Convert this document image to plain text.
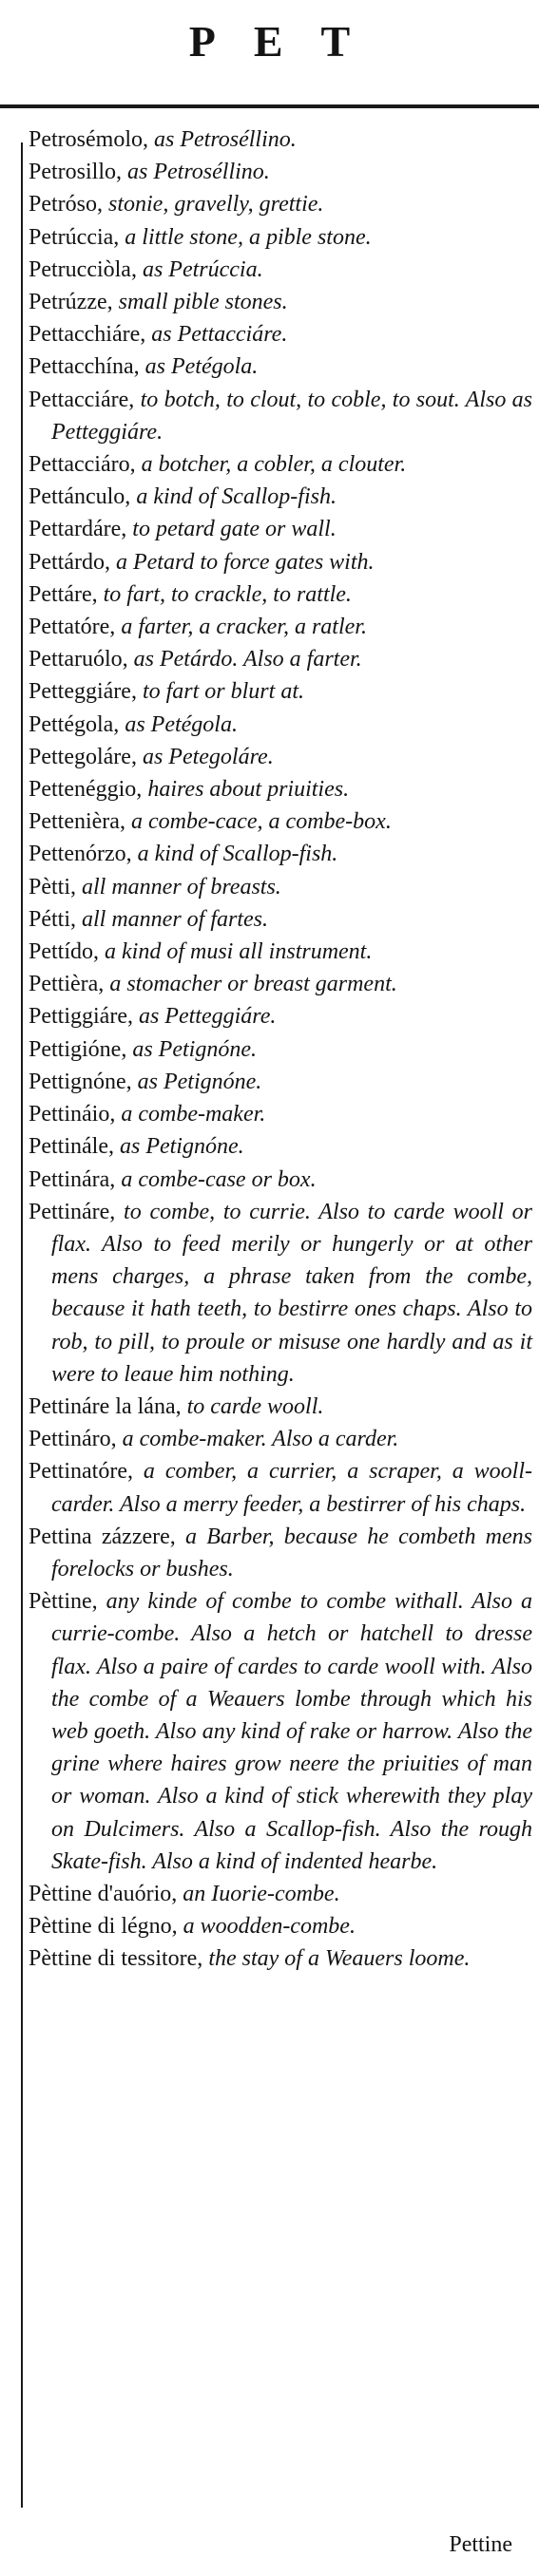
PET
Petrosémolo, as Petroséllino.
Petrosillo, as Petroséllino.
Petróso, stonie, gravelly, grettie.
Petrúccia, a little stone, a pible stone.
Petrucciòla, as Petrúccia.
Petrúzze, small pible stones.
Pettacchiáre, as Pettacciáre.
Pettacchína, as Petégola.
Pettacciáre, to botch, to clout, to coble, to sout. Also as Petteggiáre.
Pettacciáro, a botcher, a cobler, a clouter.
Pettánculo, a kind of Scallop-fish.
Pettardáre, to petard gate or wall.
Pettárdo, a Petard to force gates with.
Pettáre, to fart, to crackle, to rattle.
Pettatóre, a farter, a cracker, a ratler.
Pettaruólo, as Petárdo. Also a farter.
Petteggiáre, to fart or blurt at.
Pettégola, as Petégola.
Pettegoláre, as Petegoláre.
Pettenéggio, haires about priuities.
Pettenièra, a combe-cace, a combe-box.
Pettenórzo, a kind of Scallop-fish.
Pètti, all manner of breasts.
Pétti, all manner of fartes.
Pettído, a kind of musi all instrument.
Pettièra, a stomacher or breast garment.
Pettiggiáre, as Petteggiáre.
Pettigióne, as Petignóne.
Pettignóne, as Petignóne.
Pettináio, a combe-maker.
Pettinále, as Petignóne.
Pettinára, a combe-case or box.
Pettináre, to combe, to currie. Also to carde wooll or flax. Also to feed merily or hungerly or at other mens charges, a phrase taken from the combe, because it hath teeth, to bestirre ones chaps. Also to rob, to pill, to proule or misuse one hardly and as it were to leaue him nothing.
Pettináre la lána, to carde wooll.
Pettináro, a combe-maker. Also a carder.
Pettinatóre, a comber, a currier, a scraper, a wooll-carder. Also a merry feeder, a bestirrer of his chaps.
Pettina zázzere, a Barber, because he combeth mens forelocks or bushes.
Pèttine, any kinde of combe to combe withall. Also a currie-combe. Also a hetch or hatchell to dresse flax. Also a paire of cardes to carde wooll with. Also the combe of a Weauers lombe through which his web goeth. Also any kind of rake or harrow. Also the grine where haires grow neere the priuities of man or woman. Also a kind of stick wherewith they play on Dulcimers. Also a Scallop-fish. Also the rough Skate-fish. Also a kind of indented hearbe.
Pèttine d'auório, an Iuorie-combe.
Pèttine di légno, a woodden-combe.
Pèttine di tessitore, the stay of a Weauers loome.
Pettine
